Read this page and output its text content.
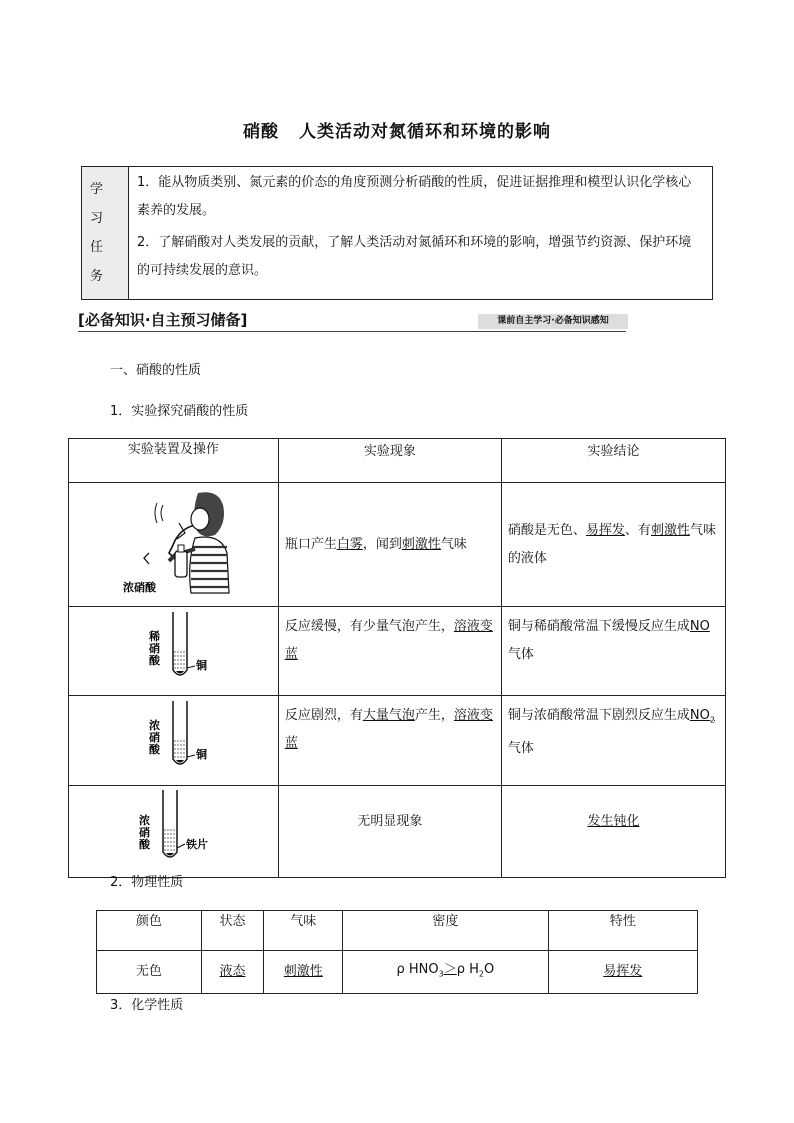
硝酸 人类活动对氮循环和环境的影响
学 习
任 务

1．能从物质类别、氮元素的价态的角度预测分析硝酸的性质，促进证据推理和模型认识化学核心素养的发展。

2．了解硝酸对人类发展的贡献，了解人类活动对氮循环和环境的影响，增强节约资源、保护环境的可持续发展的意识。

[必备知识·自主预习储备]	课前自主学习·必备知识感知
一、硝酸的性质
1．实验探究硝酸的性质
实验装置及操作	实验现象	实验结论

浓硝酸	瓶口产生白雾，闻到刺激性气味	硝酸是无色、易挥发、有刺激性气味的液体

稀
硝
酸 铜	反应缓慢，有少量气泡产生，溶液变蓝	铜与稀硝酸常温下缓慢反应生成NO气体

浓
硝
酸 铜	反应剧烈，有大量气泡产生，溶液变蓝	铜与浓硝酸常温下剧烈反应生成$NO_2$气体

浓
硝
酸 铁片	无明显现象	发生钝化
2．物理性质
颜色	状态	气味	密度	特性
无色	液态	刺激性	ρ $HNO_3>\rho$ $H_2O$	易挥发
3．化学性质
